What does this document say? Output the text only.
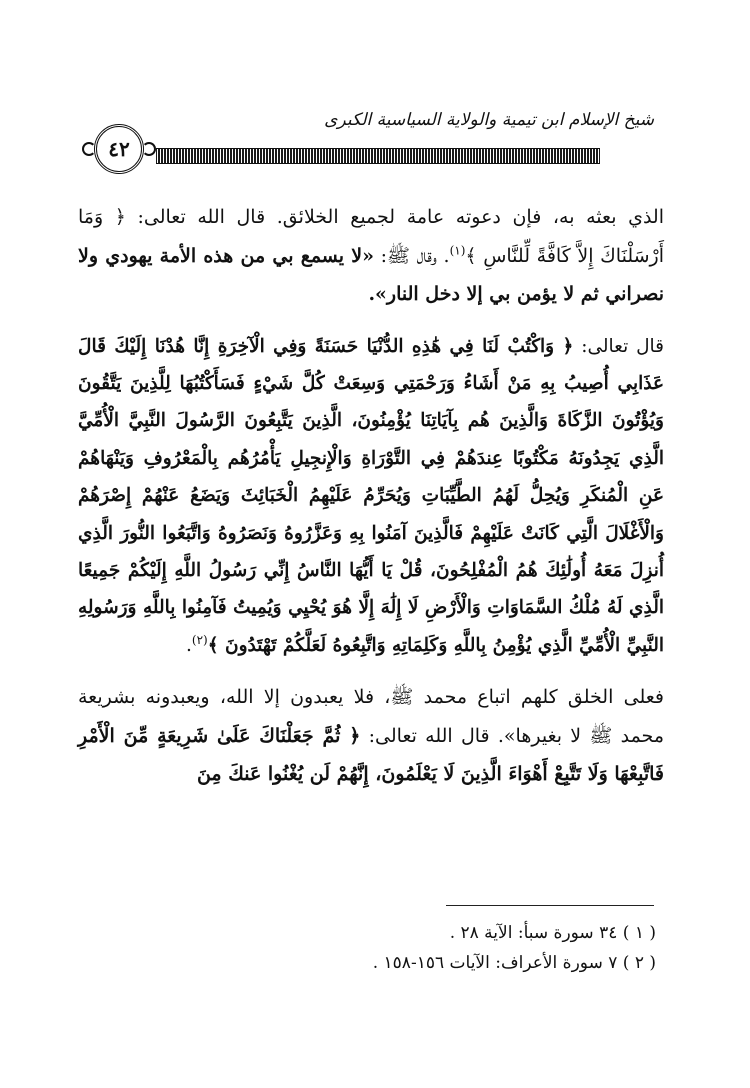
شيخ الإسلام ابن تيمية والولاية السياسية الكبرى
٤٢

الذي بعثه به، فإن دعوته عامة لجميع الخلائق. قال الله تعالى: ﴿ وَمَا أَرْسَلْنَاكَ إِلاَّ كَافَّةً لِّلنَّاسِ ﴾$^{(١)}$. وقال ﷺ: «لا يسمع بي من هذه الأمة يهودي ولا نصراني ثم لا يؤمن بي إلا دخل النار».

قال تعالى: ﴿ وَاكْتُبْ لَنَا فِي هَٰذِهِ الدُّنْيَا حَسَنَةً وَفِي الْآخِرَةِ إِنَّا هُدْنَا إِلَيْكَ قَالَ عَذَابِي أُصِيبُ بِهِ مَنْ أَشَاءُ وَرَحْمَتِي وَسِعَتْ كُلَّ شَيْءٍ فَسَأَكْتُبُهَا لِلَّذِينَ يَتَّقُونَ وَيُؤْتُونَ الزَّكَاةَ وَالَّذِينَ هُم بِآيَاتِنَا يُؤْمِنُونَ، الَّذِينَ يَتَّبِعُونَ الرَّسُولَ النَّبِيَّ الْأُمِّيَّ الَّذِي يَجِدُونَهُ مَكْتُوبًا عِندَهُمْ فِي التَّوْرَاةِ وَالْإِنجِيلِ يَأْمُرُهُم بِالْمَعْرُوفِ وَيَنْهَاهُمْ عَنِ الْمُنكَرِ وَيُحِلُّ لَهُمُ الطَّيِّبَاتِ وَيُحَرِّمُ عَلَيْهِمُ الْخَبَائِثَ وَيَضَعُ عَنْهُمْ إِصْرَهُمْ وَالْأَغْلَالَ الَّتِي كَانَتْ عَلَيْهِمْ فَالَّذِينَ آمَنُوا بِهِ وَعَزَّرُوهُ وَنَصَرُوهُ وَاتَّبَعُوا النُّورَ الَّذِي أُنزِلَ مَعَهُ أُولَٰئِكَ هُمُ الْمُفْلِحُونَ، قُلْ يَا أَيُّهَا النَّاسُ إِنِّي رَسُولُ اللَّهِ إِلَيْكُمْ جَمِيعًا الَّذِي لَهُ مُلْكُ السَّمَاوَاتِ وَالْأَرْضِ لَا إِلَٰهَ إِلَّا هُوَ يُحْيِي وَيُمِيتُ فَآمِنُوا بِاللَّهِ وَرَسُولِهِ النَّبِيِّ الْأُمِّيِّ الَّذِي يُؤْمِنُ بِاللَّهِ وَكَلِمَاتِهِ وَاتَّبِعُوهُ لَعَلَّكُمْ تَهْتَدُونَ ﴾$^{(٢)}$.

فعلى الخلق كلهم اتباع محمد ﷺ، فلا يعبدون إلا الله، ويعبدونه بشريعة محمد ﷺ لا بغيرها». قال الله تعالى: ﴿ ثُمَّ جَعَلْنَاكَ عَلَىٰ شَرِيعَةٍ مِّنَ الْأَمْرِ فَاتَّبِعْهَا وَلَا تَتَّبِعْ أَهْوَاءَ الَّذِينَ لَا يَعْلَمُونَ، إِنَّهُمْ لَن يُغْنُوا عَنكَ مِنَ

( ١ ) ٣٤ سورة سبأ: الآية ٢٨ .

( ٢ ) ٧ سورة الأعراف: الآيات ١٥٦-١٥٨ .
